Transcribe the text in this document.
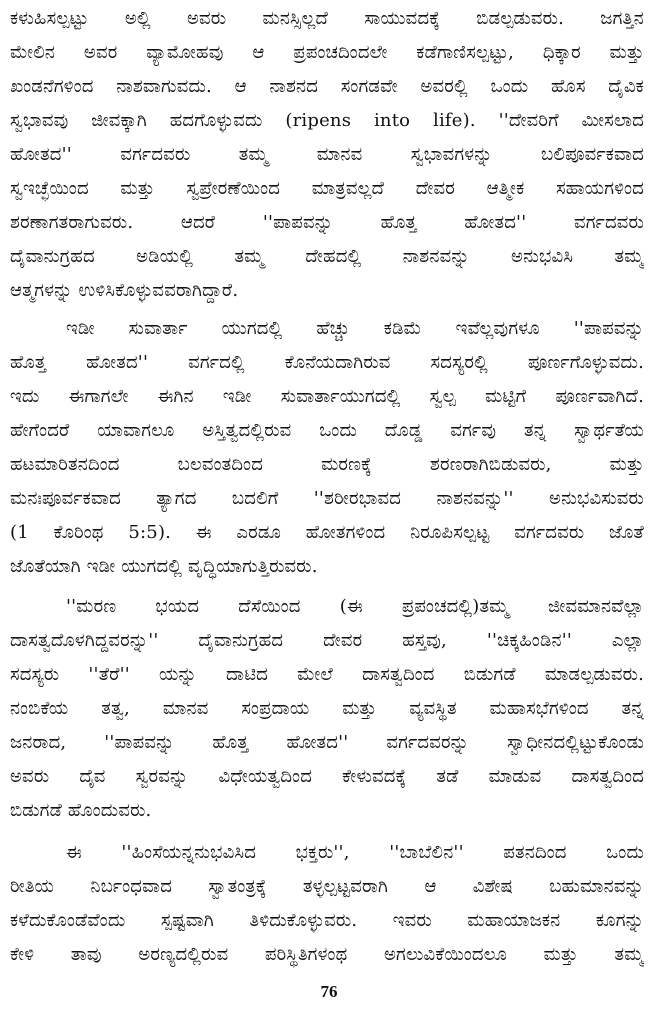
ಕಳುಹಿಸಲ್ಪಟ್ಟು ಅಲ್ಲಿ ಅವರು ಮನಸ್ಸಿಲ್ಲದೆ ಸಾಯುವದಕ್ಕೆ ಬಿಡಲ್ಪಡುವರು. ಜಗತ್ತಿನ
ಮೇಲಿನ ಅವರ ವ್ಯಾಮೋಹವು ಆ ಪ್ರಪಂಚದಿಂದಲೇ ಕಡೆಗಾಣಿಸಲ್ಪಟ್ಟು, ಧಿಕ್ಕಾರ ಮತ್ತು
ಖಂಡನೆಗಳಿಂದ ನಾಶವಾಗುವದು. ಆ ನಾಶನದ ಸಂಗಡವೇ ಅವರಲ್ಲಿ ಒಂದು ಹೊಸ ದೈವಿಕ
ಸ್ವಭಾವವು ಜೀವಕ್ಕಾಗಿ ಹದಗೊಳ್ಳುವದು (ripens into life). ''ದೇವರಿಗೆ ಮೀಸಲಾದ
ಹೋತದ'' ವರ್ಗದವರು ತಮ್ಮ ಮಾನವ ಸ್ವಭಾವಗಳನ್ನು ಬಲಿಪೂರ್ವಕವಾದ
ಸ್ವಇಚ್ಛೆಯಿಂದ ಮತ್ತು ಸ್ವಪ್ರೇರಣೆಯಿಂದ ಮಾತ್ರವಲ್ಲದೆ ದೇವರ ಆತ್ಮೀಕ ಸಹಾಯಗಳಿಂದ
ಶರಣಾಗತರಾಗುವರು. ಆದರೆ ''ಪಾಪವನ್ನು ಹೊತ್ತ ಹೋತದ'' ವರ್ಗದವರು
ದೈವಾನುಗ್ರಹದ ಅಡಿಯಲ್ಲಿ ತಮ್ಮ ದೇಹದಲ್ಲಿ ನಾಶನವನ್ನು ಅನುಭವಿಸಿ ತಮ್ಮ
ಆತ್ಮಗಳನ್ನು ಉಳಿಸಿಕೊಳ್ಳುವವರಾಗಿದ್ದಾರೆ.
ಇಡೀ ಸುವಾರ್ತಾ ಯುಗದಲ್ಲಿ ಹೆಚ್ಚು ಕಡಿಮೆ ಇವೆಲ್ಲವುಗಳೂ ''ಪಾಪವನ್ನು
ಹೊತ್ತ ಹೋತದ'' ವರ್ಗದಲ್ಲಿ ಕೊನೆಯದಾಗಿರುವ ಸದಸ್ಯರಲ್ಲಿ ಪೂರ್ಣಗೊಳ್ಳುವದು.
ಇದು ಈಗಾಗಲೇ ಈಗಿನ ಇಡೀ ಸುವಾರ್ತಾಯುಗದಲ್ಲಿ ಸ್ವಲ್ಪ ಮಟ್ಟಿಗೆ ಪೂರ್ಣವಾಗಿದೆ.
ಹೇಗೆಂದರೆ ಯಾವಾಗಲೂ ಅಸ್ತಿತ್ವದಲ್ಲಿರುವ ಒಂದು ದೊಡ್ಡ ವರ್ಗವು ತನ್ನ ಸ್ವಾರ್ಥತೆಯ
ಹಟಮಾರಿತನದಿಂದ ಬಲವಂತದಿಂದ ಮರಣಕ್ಕೆ ಶರಣರಾಗಿಬಿಡುವರು, ಮತ್ತು
ಮನಃಪೂರ್ವಕವಾದ ತ್ಯಾಗದ ಬದಲಿಗೆ ''ಶರೀರಭಾವದ ನಾಶನವನ್ನು'' ಅನುಭವಿಸುವರು
(1 ಕೊರಿಂಥ 5:5). ಈ ಎರಡೂ ಹೋತಗಳಿಂದ ನಿರೂಪಿಸಲ್ಪಟ್ಟ ವರ್ಗದವರು ಜೊತೆ
ಜೊತೆಯಾಗಿ ಇಡೀ ಯುಗದಲ್ಲಿ ವೃದ್ಧಿಯಾಗುತ್ತಿರುವರು.
''ಮರಣ ಭಯದ ದೆಸೆಯಿಂದ (ಈ ಪ್ರಪಂಚದಲ್ಲಿ)ತಮ್ಮ ಜೀವಮಾನವೆಲ್ಲಾ
ದಾಸತ್ವದೊಳಗಿದ್ದವರನ್ನು'' ದೈವಾನುಗ್ರಹದ ದೇವರ ಹಸ್ತವು, ''ಚಿಕ್ಕಹಿಂಡಿನ'' ಎಲ್ಲಾ
ಸದಸ್ಯರು ''ತೆರೆ'' ಯನ್ನು ದಾಟಿದ ಮೇಲೆ ದಾಸತ್ವದಿಂದ ಬಿಡುಗಡೆ ಮಾಡಲ್ಪಡುವರು.
ನಂಬಿಕೆಯ ತತ್ವ, ಮಾನವ ಸಂಪ್ರದಾಯ ಮತ್ತು ವ್ಯವಸ್ಥಿತ ಮಹಾಸಭೆಗಳಿಂದ ತನ್ನ
ಜನರಾದ, ''ಪಾಪವನ್ನು ಹೊತ್ತ ಹೋತದ'' ವರ್ಗದವರನ್ನು ಸ್ವಾಧೀನದಲ್ಲಿಟ್ಟುಕೊಂಡು
ಅವರು ದೈವ ಸ್ವರವನ್ನು ವಿಧೇಯತ್ವದಿಂದ ಕೇಳುವದಕ್ಕೆ ತಡೆ ಮಾಡುವ ದಾಸತ್ವದಿಂದ
ಬಿಡುಗಡೆ ಹೊಂದುವರು.
ಈ ''ಹಿಂಸೆಯನ್ನನುಭವಿಸಿದ ಭಕ್ತರು'', ''ಬಾಬೆಲಿನ'' ಪತನದಿಂದ ಒಂದು
ರೀತಿಯ ನಿರ್ಬಂಧವಾದ ಸ್ವಾತಂತ್ರಕ್ಕೆ ತಳ್ಳಲ್ಪಟ್ಟವರಾಗಿ ಆ ವಿಶೇಷ ಬಹುಮಾನವನ್ನು
ಕಳೆದುಕೊಂಡೆವೆಂದು ಸ್ಪಷ್ಟವಾಗಿ ತಿಳಿದುಕೊಳ್ಳುವರು. ಇವರು ಮಹಾಯಾಜಕನ ಕೂಗನ್ನು
ಕೇಳಿ ತಾವು ಅರಣ್ಯದಲ್ಲಿರುವ ಪರಿಸ್ಥಿತಿಗಳಂಥ ಅಗಲುವಿಕೆಯಿಂದಲೂ ಮತ್ತು ತಮ್ಮ
76
